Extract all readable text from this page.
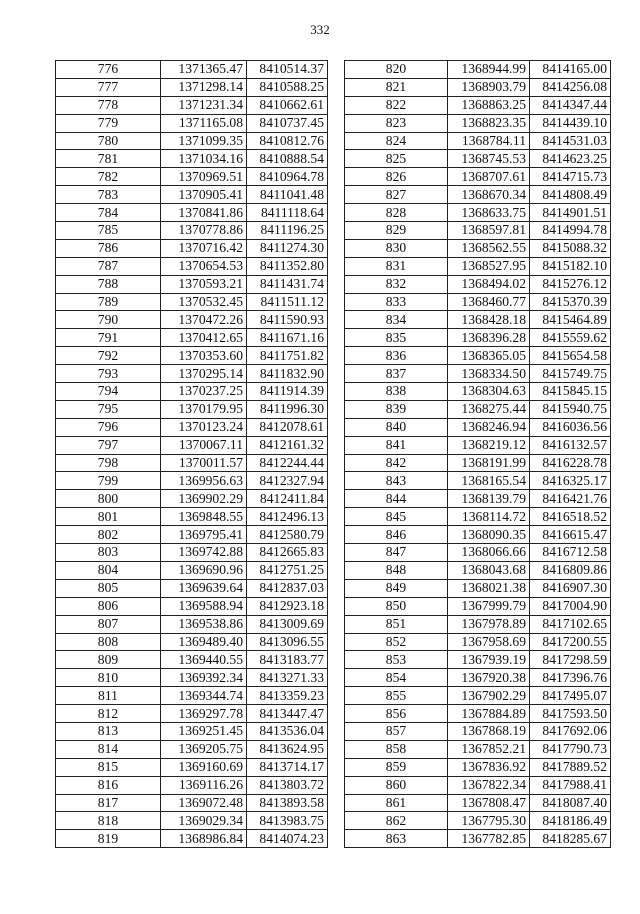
332
776	1371365.47	8410514.37
777	1371298.14	8410588.25
778	1371231.34	8410662.61
779	1371165.08	8410737.45
780	1371099.35	8410812.76
781	1371034.16	8410888.54
782	1370969.51	8410964.78
783	1370905.41	8411041.48
784	1370841.86	8411118.64
785	1370778.86	8411196.25
786	1370716.42	8411274.30
787	1370654.53	8411352.80
788	1370593.21	8411431.74
789	1370532.45	8411511.12
790	1370472.26	8411590.93
791	1370412.65	8411671.16
792	1370353.60	8411751.82
793	1370295.14	8411832.90
794	1370237.25	8411914.39
795	1370179.95	8411996.30
796	1370123.24	8412078.61
797	1370067.11	8412161.32
798	1370011.57	8412244.44
799	1369956.63	8412327.94
800	1369902.29	8412411.84
801	1369848.55	8412496.13
802	1369795.41	8412580.79
803	1369742.88	8412665.83
804	1369690.96	8412751.25
805	1369639.64	8412837.03
806	1369588.94	8412923.18
807	1369538.86	8413009.69
808	1369489.40	8413096.55
809	1369440.55	8413183.77
810	1369392.34	8413271.33
811	1369344.74	8413359.23
812	1369297.78	8413447.47
813	1369251.45	8413536.04
814	1369205.75	8413624.95
815	1369160.69	8413714.17
816	1369116.26	8413803.72
817	1369072.48	8413893.58
818	1369029.34	8413983.75
819	1368986.84	8414074.23
820	1368944.99	8414165.00
821	1368903.79	8414256.08
822	1368863.25	8414347.44
823	1368823.35	8414439.10
824	1368784.11	8414531.03
825	1368745.53	8414623.25
826	1368707.61	8414715.73
827	1368670.34	8414808.49
828	1368633.75	8414901.51
829	1368597.81	8414994.78
830	1368562.55	8415088.32
831	1368527.95	8415182.10
832	1368494.02	8415276.12
833	1368460.77	8415370.39
834	1368428.18	8415464.89
835	1368396.28	8415559.62
836	1368365.05	8415654.58
837	1368334.50	8415749.75
838	1368304.63	8415845.15
839	1368275.44	8415940.75
840	1368246.94	8416036.56
841	1368219.12	8416132.57
842	1368191.99	8416228.78
843	1368165.54	8416325.17
844	1368139.79	8416421.76
845	1368114.72	8416518.52
846	1368090.35	8416615.47
847	1368066.66	8416712.58
848	1368043.68	8416809.86
849	1368021.38	8416907.30
850	1367999.79	8417004.90
851	1367978.89	8417102.65
852	1367958.69	8417200.55
853	1367939.19	8417298.59
854	1367920.38	8417396.76
855	1367902.29	8417495.07
856	1367884.89	8417593.50
857	1367868.19	8417692.06
858	1367852.21	8417790.73
859	1367836.92	8417889.52
860	1367822.34	8417988.41
861	1367808.47	8418087.40
862	1367795.30	8418186.49
863	1367782.85	8418285.67
